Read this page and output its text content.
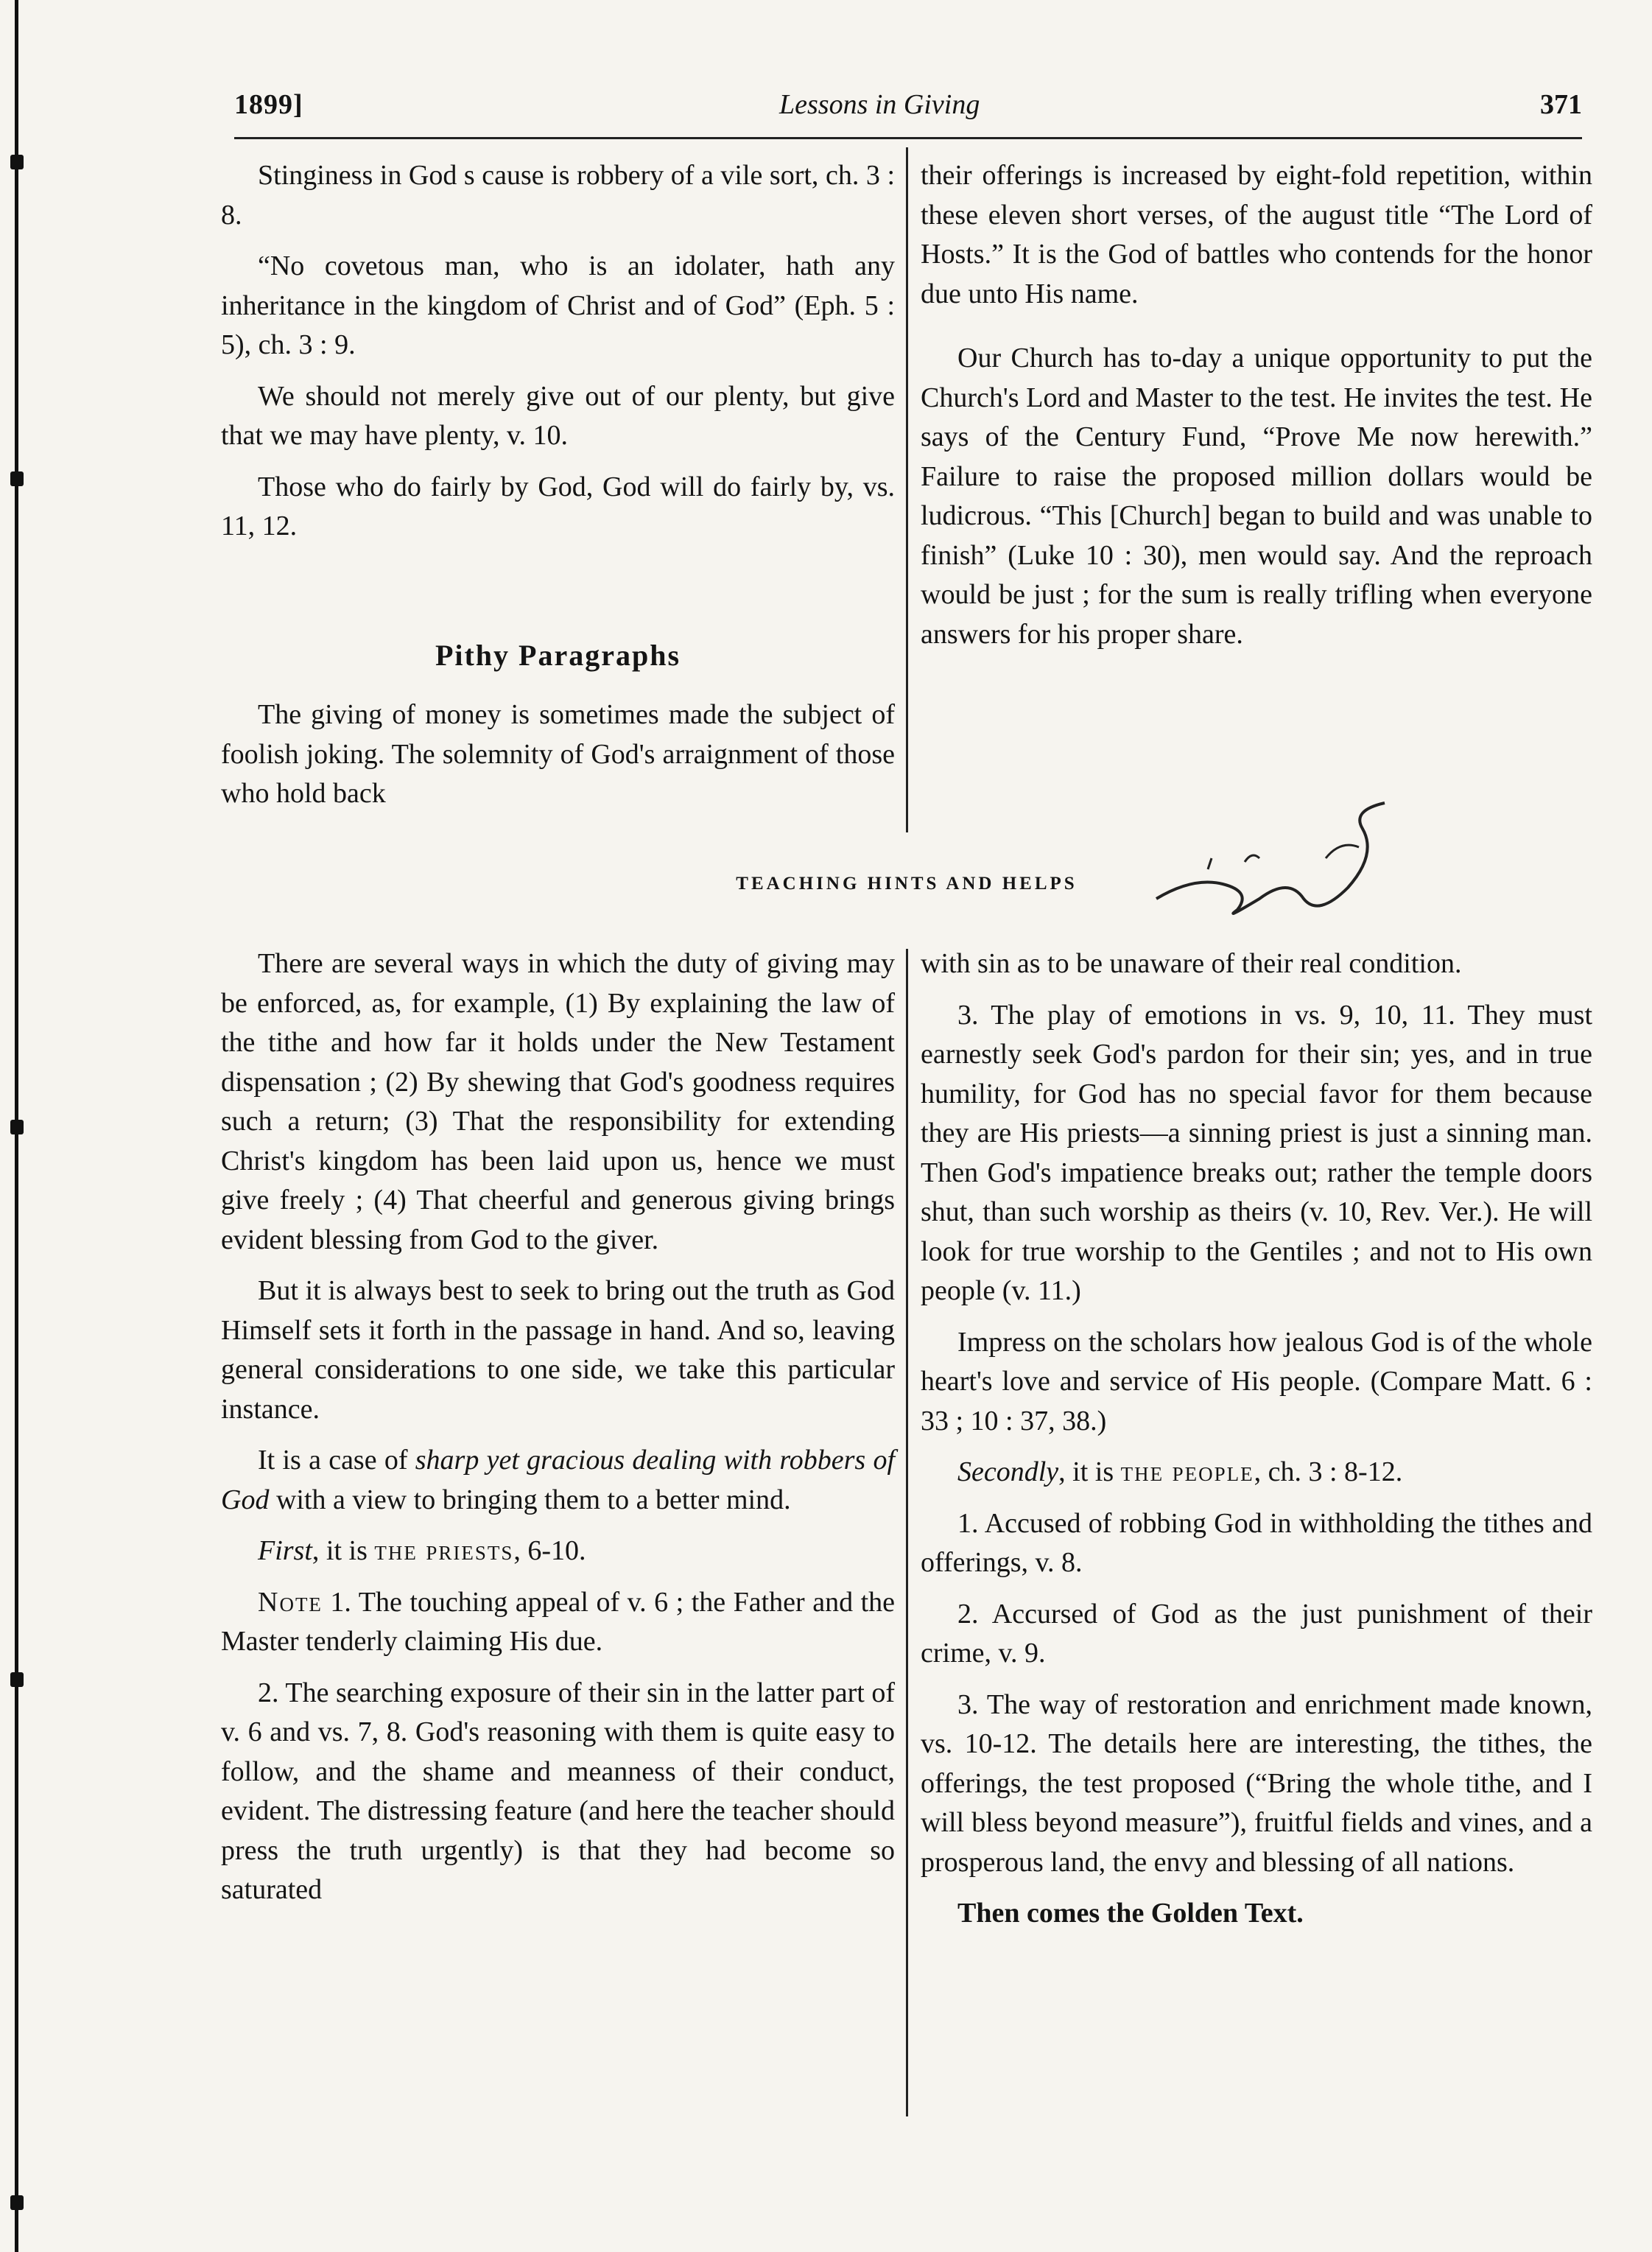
1899]	Lessons in Giving	371

Stinginess in God s cause is robbery of a vile sort, ch. 3 : 8.

“No covetous man, who is an idolater, hath any inheritance in the kingdom of Christ and of God” (Eph. 5 : 5), ch. 3 : 9.

We should not merely give out of our plenty, but give that we may have plenty, v. 10.

Those who do fairly by God, God will do fairly by, vs. 11, 12.

Pithy Paragraphs

The giving of money is sometimes made the subject of foolish joking. The solemnity of God's arraignment of those who hold back

their offerings is increased by eight-fold repetition, within these eleven short verses, of the august title “The Lord of Hosts.” It is the God of battles who contends for the honor due unto His name.

Our Church has to-day a unique opportunity to put the Church's Lord and Master to the test. He invites the test. He says of the Century Fund, “Prove Me now herewith.” Failure to raise the proposed million dollars would be ludicrous. “This [Church] began to build and was unable to finish” (Luke 10 : 30), men would say. And the reproach would be just ; for the sum is really trifling when everyone answers for his proper share.

TEACHING HINTS AND HELPS

There are several ways in which the duty of giving may be enforced, as, for example, (1) By explaining the law of the tithe and how far it holds under the New Testament dispensation ; (2) By shewing that God's goodness requires such a return; (3) That the responsibility for extending Christ's kingdom has been laid upon us, hence we must give freely ; (4) That cheerful and generous giving brings evident blessing from God to the giver.

But it is always best to seek to bring out the truth as God Himself sets it forth in the passage in hand. And so, leaving general considerations to one side, we take this particular instance.

It is a case of sharp yet gracious dealing with robbers of God with a view to bringing them to a better mind.

First, it is the priests, 6-10.

Note 1. The touching appeal of v. 6 ; the Father and the Master tenderly claiming His due.

2. The searching exposure of their sin in the latter part of v. 6 and vs. 7, 8. God's reasoning with them is quite easy to follow, and the shame and meanness of their conduct, evident. The distressing feature (and here the teacher should press the truth urgently) is that they had become so saturated

with sin as to be unaware of their real condition.

3. The play of emotions in vs. 9, 10, 11. They must earnestly seek God's pardon for their sin; yes, and in true humility, for God has no special favor for them because they are His priests—a sinning priest is just a sinning man. Then God's impatience breaks out; rather the temple doors shut, than such worship as theirs (v. 10, Rev. Ver.). He will look for true worship to the Gentiles ; and not to His own people (v. 11.)

Impress on the scholars how jealous God is of the whole heart's love and service of His people. (Compare Matt. 6 : 33 ; 10 : 37, 38.)

Secondly, it is the people, ch. 3 : 8-12.

1. Accused of robbing God in withholding the tithes and offerings, v. 8.

2. Accursed of God as the just punishment of their crime, v. 9.

3. The way of restoration and enrichment made known, vs. 10-12. The details here are interesting, the tithes, the offerings, the test proposed (“Bring the whole tithe, and I will bless beyond measure”), fruitful fields and vines, and a prosperous land, the envy and blessing of all nations.

Then comes the Golden Text.
